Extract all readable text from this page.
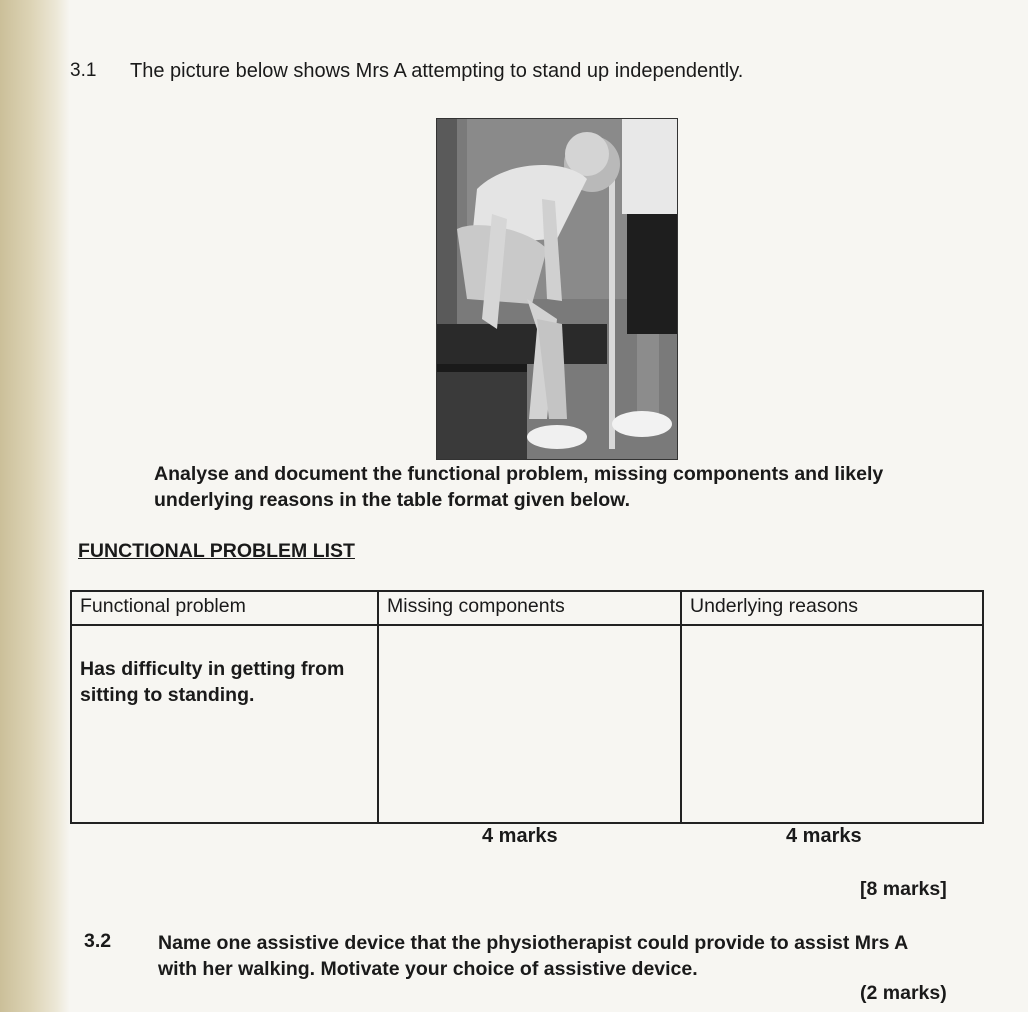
3.1 The picture below shows Mrs A attempting to stand up independently.
Analyse and document the functional problem, missing components and likely
underlying reasons in the table format given below.
FUNCTIONAL PROBLEM LIST
Functional problem	Missing components	Underlying reasons

Has difficulty in getting from
sitting to standing.		

4 marks	4 marks
[8 marks]
3.2 Name one assistive device that the physiotherapist could provide to assist Mrs A
with her walking. Motivate your choice of assistive device.
(2 marks)
